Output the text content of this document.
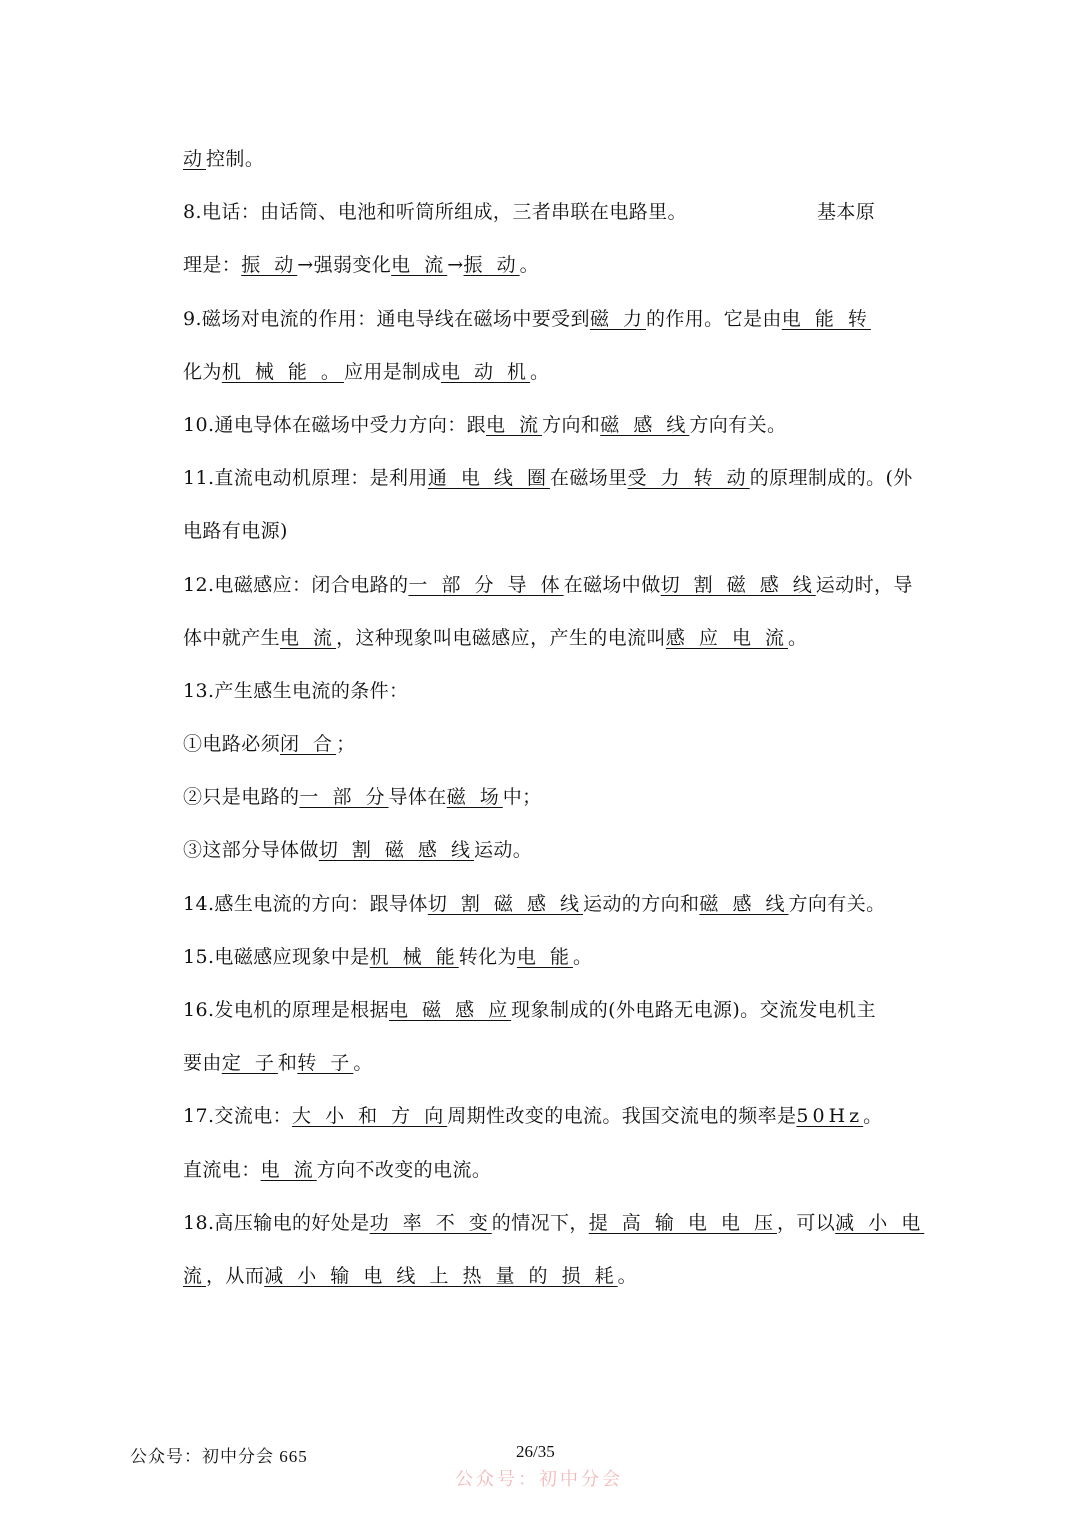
动控制。
8.电话：由话筒、电池和听筒所组成，三者串联在电路里。	基本原
理是：振 动→强弱变化电 流→振 动。
9.磁场对电流的作用：通电导线在磁场中要受到磁 力的作用。它是由电 能 转
化为机 械 能 。应用是制成电 动 机。
10.通电导体在磁场中受力方向：跟电 流方向和磁 感 线方向有关。
11.直流电动机原理：是利用通 电 线 圈在磁场里受 力 转 动的原理制成的。(外
电路有电源)
12.电磁感应：闭合电路的一 部 分 导 体在磁场中做切 割 磁 感 线运动时，导
体中就产生电 流，这种现象叫电磁感应，产生的电流叫感 应 电 流。
13.产生感生电流的条件：
①电路必须闭 合；
②只是电路的一 部 分导体在磁 场中；
③这部分导体做切 割 磁 感 线运动。
14.感生电流的方向：跟导体切 割 磁 感 线运动的方向和磁 感 线方向有关。
15.电磁感应现象中是机 械 能转化为电 能。
16.发电机的原理是根据电 磁 感 应现象制成的(外电路无电源)。交流发电机主
要由定 子和转 子。
17.交流电：大 小 和 方 向周期性改变的电流。我国交流电的频率是50Hz。
直流电：电 流方向不改变的电流。
18.高压输电的好处是功 率 不 变的情况下，提 高 输 电 电 压，可以减 小 电
流，从而减 小 输 电 线 上 热 量 的 损 耗。
公众号：初中分会 665	26/35
公众号：初中分会
